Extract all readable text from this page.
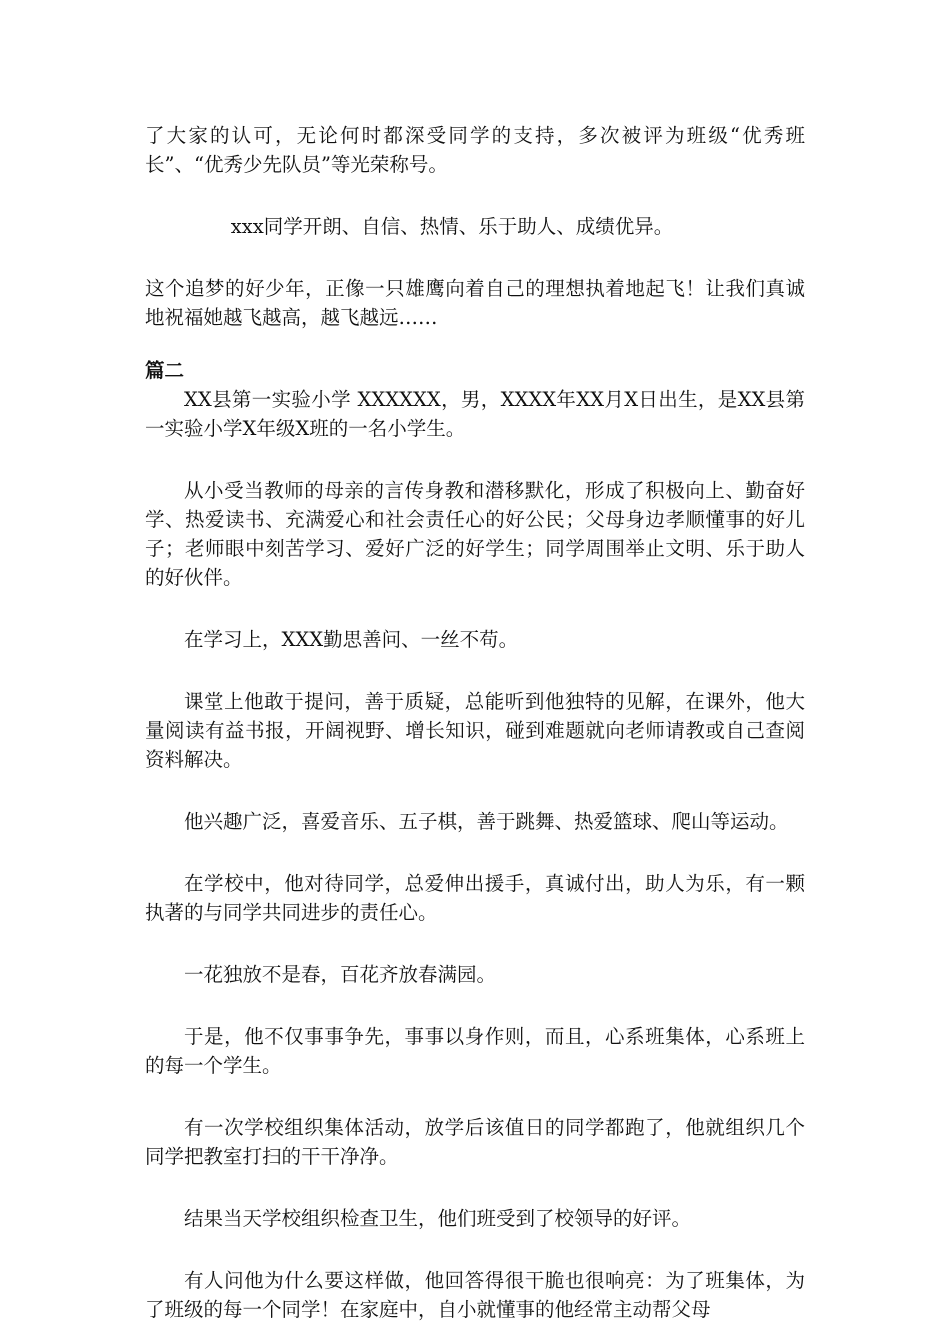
了大家的认可，无论何时都深受同学的支持，多次被评为班级“优秀班长”、“优秀少先队员”等光荣称号。

xxx同学开朗、自信、热情、乐于助人、成绩优异。

这个追梦的好少年，正像一只雄鹰向着自己的理想执着地起飞！让我们真诚地祝福她越飞越高，越飞越远……

篇二

XX县第一实验小学 XXXXXX，男，XXXX年XX月X日出生，是XX县第一实验小学X年级X班的一名小学生。

从小受当教师的母亲的言传身教和潜移默化，形成了积极向上、勤奋好学、热爱读书、充满爱心和社会责任心的好公民；父母身边孝顺懂事的好儿子；老师眼中刻苦学习、爱好广泛的好学生；同学周围举止文明、乐于助人的好伙伴。

在学习上，XXX勤思善问、一丝不苟。

课堂上他敢于提问，善于质疑，总能听到他独特的见解，在课外，他大量阅读有益书报，开阔视野、增长知识，碰到难题就向老师请教或自己查阅资料解决。

他兴趣广泛，喜爱音乐、五子棋，善于跳舞、热爱篮球、爬山等运动。

在学校中，他对待同学，总爱伸出援手，真诚付出，助人为乐，有一颗执著的与同学共同进步的责任心。

一花独放不是春，百花齐放春满园。

于是，他不仅事事争先，事事以身作则，而且，心系班集体，心系班上的每一个学生。

有一次学校组织集体活动，放学后该值日的同学都跑了，他就组织几个同学把教室打扫的干干净净。

结果当天学校组织检查卫生，他们班受到了校领导的好评。

有人问他为什么要这样做，他回答得很干脆也很响亮：为了班集体，为了班级的每一个同学！在家庭中，自小就懂事的他经常主动帮父母
